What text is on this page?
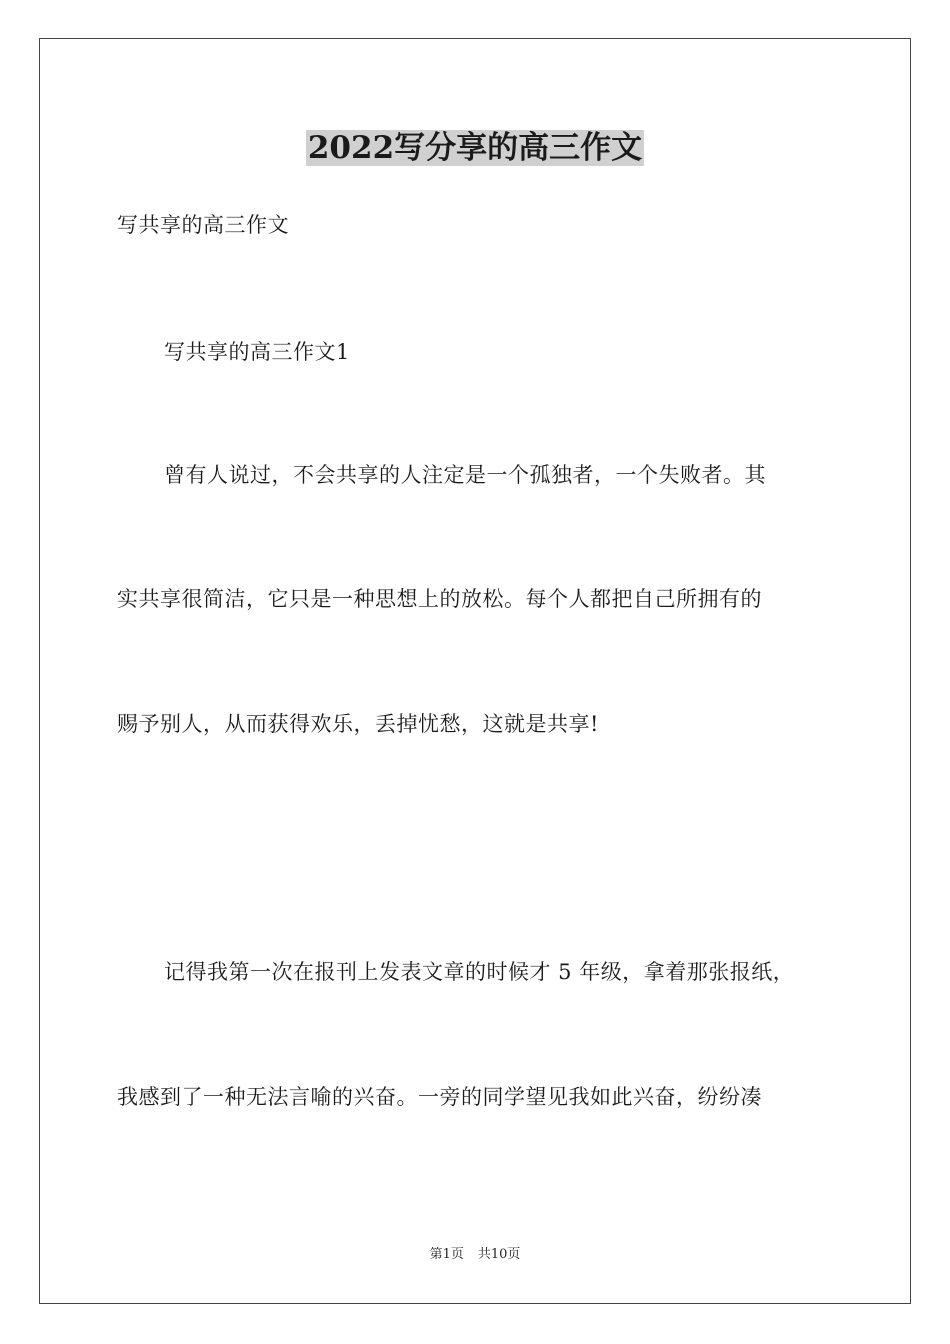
2022写分享的高三作文
写共享的高三作文
写共享的高三作文1
曾有人说过，不会共享的人注定是一个孤独者，一个失败者。其
实共享很简洁，它只是一种思想上的放松。每个人都把自己所拥有的
赐予别人，从而获得欢乐，丢掉忧愁，这就是共享!
记得我第一次在报刊上发表文章的时候才 5 年级，拿着那张报纸，
我感到了一种无法言喻的兴奋。一旁的同学望见我如此兴奋，纷纷凑
第1页 共10页
